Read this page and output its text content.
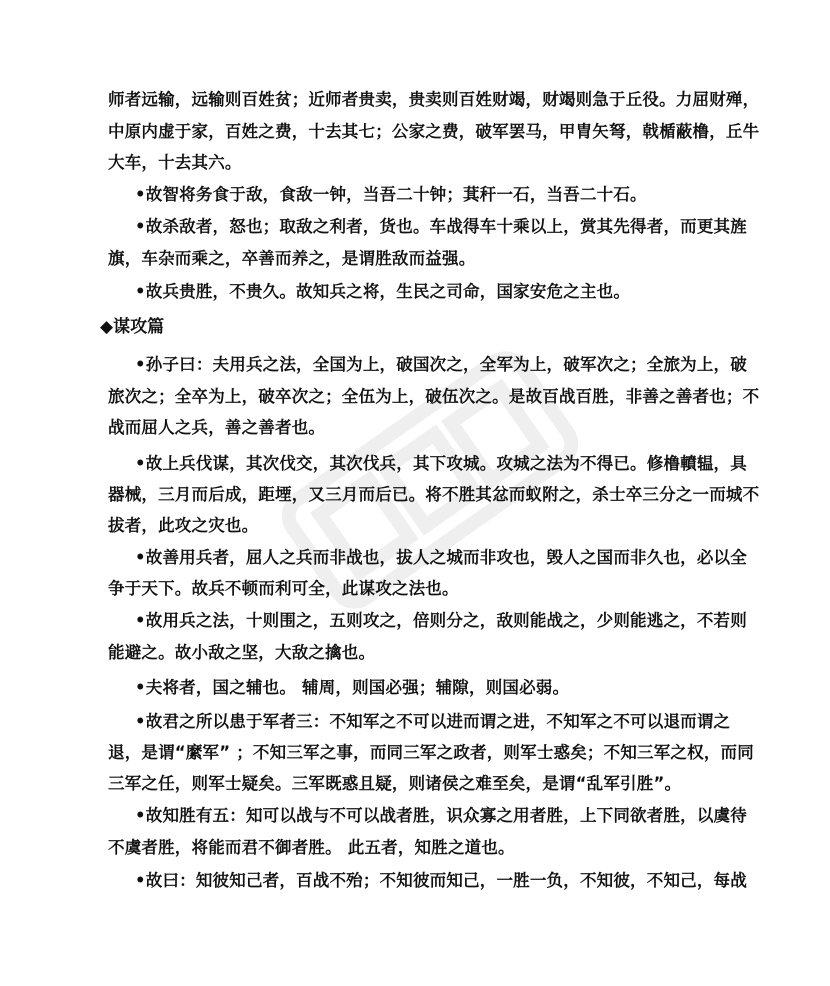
师者远输，远输则百姓贫；近师者贵卖，贵卖则百姓财竭，财竭则急于丘役。力屈财殚，
中原内虚于家，百姓之费，十去其七；公家之费，破军罢马，甲胄矢弩，戟楯蔽橹，丘牛
大车，十去其六。
•故智将务食于敌，食敌一钟，当吾二十钟；萁秆一石，当吾二十石。
•故杀敌者，怒也；取敌之利者，货也。车战得车十乘以上，赏其先得者，而更其旌
旗，车杂而乘之，卒善而养之，是谓胜敌而益强。
•故兵贵胜，不贵久。故知兵之将，生民之司命，国家安危之主也。
◆谋攻篇
•孙子曰：夫用兵之法，全国为上，破国次之，全军为上，破军次之；全旅为上，破
旅次之；全卒为上，破卒次之；全伍为上，破伍次之。是故百战百胜，非善之善者也；不
战而屈人之兵，善之善者也。
•故上兵伐谋，其次伐交，其次伐兵，其下攻城。攻城之法为不得已。修橹轒辒，具
器械，三月而后成，距堙，又三月而后已。将不胜其忿而蚁附之，杀士卒三分之一而城不
拔者，此攻之灾也。
•故善用兵者，屈人之兵而非战也，拔人之城而非攻也，毁人之国而非久也，必以全
争于天下。故兵不顿而利可全，此谋攻之法也。
•故用兵之法，十则围之，五则攻之，倍则分之，敌则能战之，少则能逃之，不若则
能避之。故小敌之坚，大敌之擒也。
•夫将者，国之辅也。 辅周，则国必强；辅隙，则国必弱。
•故君之所以患于军者三：不知军之不可以进而谓之进，不知军之不可以退而谓之
退，是谓“縻军” ；不知三军之事，而同三军之政者，则军士惑矣；不知三军之权，而同
三军之任，则军士疑矣。三军既惑且疑，则诸侯之难至矣，是谓“乱军引胜”。
•故知胜有五：知可以战与不可以战者胜，识众寡之用者胜，上下同欲者胜，以虞待
不虞者胜，将能而君不御者胜。 此五者，知胜之道也。
•故曰：知彼知己者，百战不殆；不知彼而知己，一胜一负，不知彼，不知己，每战
